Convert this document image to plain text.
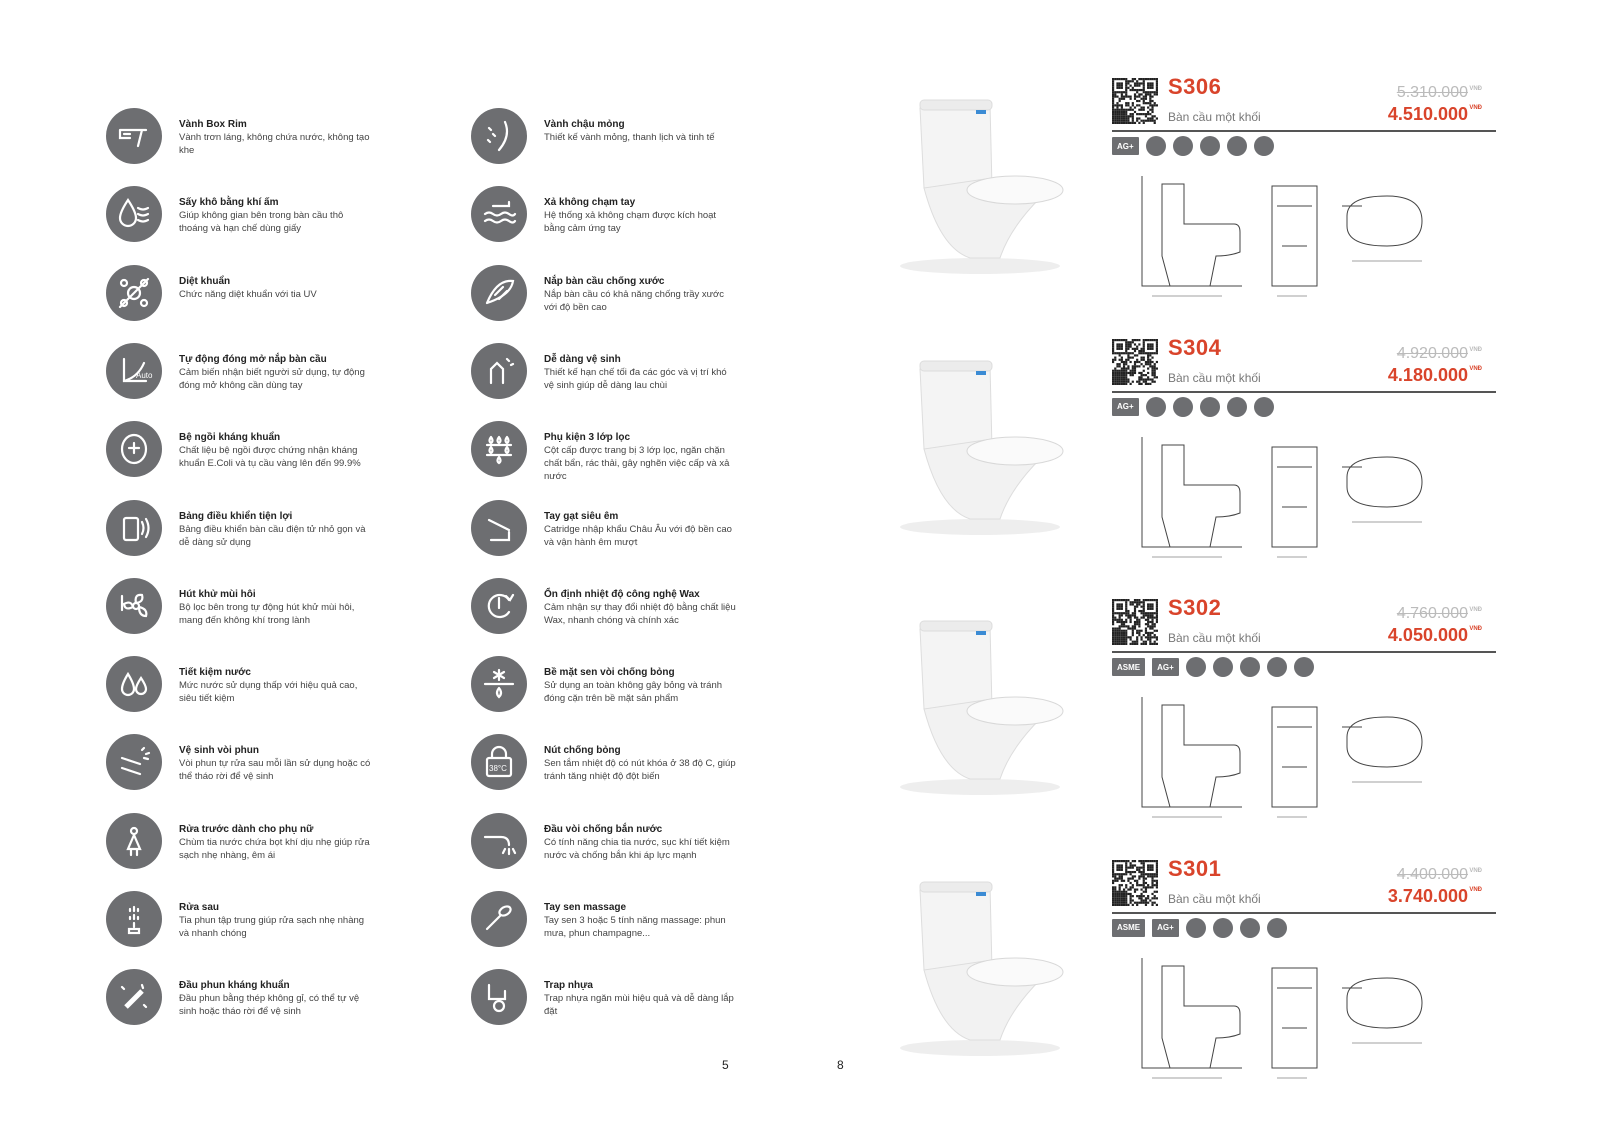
Vành Box Rim
Vành trơn láng, không chứa nước, không tạo khe
Sấy khô bằng khí ấm
Giúp không gian bên trong bàn cầu thô thoáng và hạn chế dùng giấy
Diệt khuẩn
Chức năng diệt khuẩn với tia UV
Auto
Tự động đóng mở nắp bàn cầu
Cảm biến nhận biết người sử dụng, tự động đóng mở không cần dùng tay
Bệ ngồi kháng khuẩn
Chất liệu bệ ngồi được chứng nhận kháng khuẩn E.Coli và tụ cầu vàng lên đến 99.9%
Bảng điều khiển tiện lợi
Bảng điều khiển bàn cầu điện tử nhỏ gọn và dễ dàng sử dụng
Hút khử mùi hôi
Bộ lọc bên trong tự động hút khử mùi hôi, mang đến không khí trong lành
Tiết kiệm nước
Mức nước sử dụng thấp với hiệu quả cao, siêu tiết kiệm
Vệ sinh vòi phun
Vòi phun tự rửa sau mỗi lần sử dụng hoặc có thể tháo rời để vệ sinh
Rửa trước dành cho phụ nữ
Chùm tia nước chứa bọt khí dịu nhẹ giúp rửa sạch nhẹ nhàng, êm ái
Rửa sau
Tia phun tập trung giúp rửa sạch nhẹ nhàng và nhanh chóng
Đầu phun kháng khuẩn
Đầu phun bằng thép không gỉ, có thể tự vệ sinh hoặc tháo rời để vệ sinh
Vành chậu mỏng
Thiết kế vành mỏng, thanh lịch và tinh tế
Xả không chạm tay
Hệ thống xả không chạm được kích hoạt bằng cảm ứng tay
Nắp bàn cầu chống xước
Nắp bàn cầu có khả năng chống trầy xước với độ bền cao
Dễ dàng vệ sinh
Thiết kế hạn chế tối đa các góc và vị trí khó vệ sinh giúp dễ dàng lau chùi
Phụ kiện 3 lớp lọc
Cột cấp được trang bị 3 lớp lọc, ngăn chặn chất bẩn, rác thải, gây nghẽn việc cấp và xả nước
Tay gạt siêu êm
Catridge nhập khẩu Châu Âu với độ bền cao và vận hành êm mượt
Ổn định nhiệt độ công nghệ Wax
Cảm nhận sự thay đổi nhiệt độ bằng chất liệu Wax, nhanh chóng và chính xác
Bề mặt sen vòi chống bỏng
Sử dụng an toàn không gây bỏng và tránh đóng cặn trên bề mặt sản phẩm
38°C
Nút chống bỏng
Sen tắm nhiệt độ có nút khóa ở 38 độ C, giúp tránh tăng nhiệt độ đột biến
Đầu vòi chống bắn nước
Có tính năng chia tia nước, sục khí tiết kiệm nước và chống bắn khi áp lực mạnh
Tay sen massage
Tay sen 3 hoặc 5 tính năng massage: phun mưa, phun champagne...
Trap nhựa
Trap nhựa ngăn mùi hiệu quả và dễ dàng lắp đặt
5	8
S306
Bàn cầu một khối
5.310.000 VNĐ
4.510.000 VNĐ
AG+
S304
Bàn cầu một khối
4.920.000 VNĐ
4.180.000 VNĐ
AG+
S302
Bàn cầu một khối
4.760.000 VNĐ
4.050.000 VNĐ
ASME	AG+
S301
Bàn cầu một khối
4.400.000 VNĐ
3.740.000 VNĐ
ASME	AG+
